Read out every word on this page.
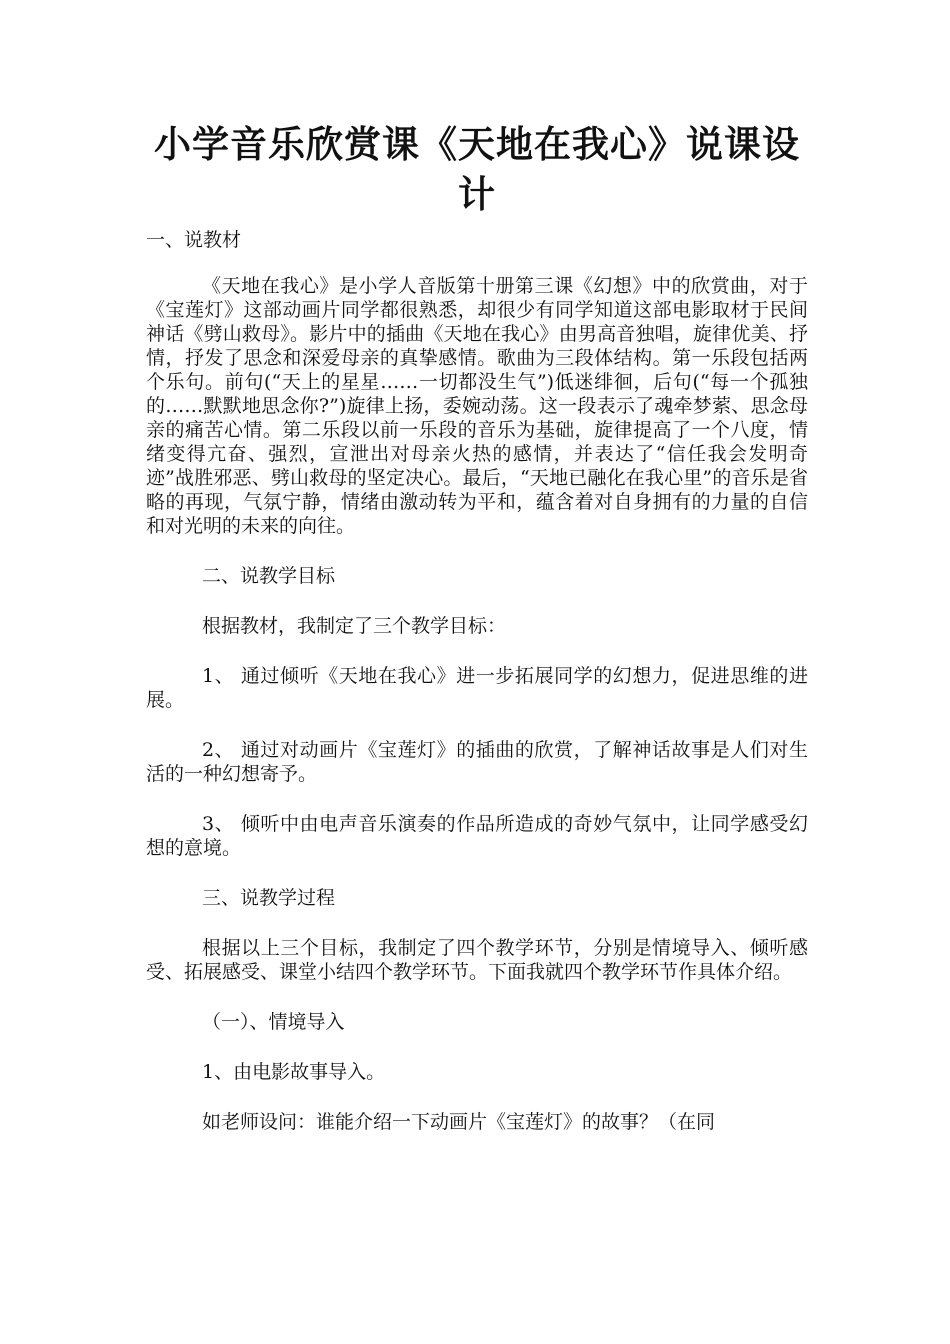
小学音乐欣赏课《天地在我心》说课设计
一、说教材

《天地在我心》是小学人音版第十册第三课《幻想》中的欣赏曲，对于《宝莲灯》这部动画片同学都很熟悉，却很少有同学知道这部电影取材于民间神话《劈山救母》。影片中的插曲《天地在我心》由男高音独唱，旋律优美、抒情，抒发了思念和深爱母亲的真挚感情。歌曲为三段体结构。第一乐段包括两个乐句。前句(“天上的星星……一切都没生气”)低迷绯徊，后句(“每一个孤独的……默默地思念你?”)旋律上扬，委婉动荡。这一段表示了魂牵梦萦、思念母亲的痛苦心情。第二乐段以前一乐段的音乐为基础，旋律提高了一个八度，情绪变得亢奋、强烈，宣泄出对母亲火热的感情，并表达了“信任我会发明奇迹”战胜邪恶、劈山救母的坚定决心。最后，“天地已融化在我心里”的音乐是省略的再现，气氛宁静，情绪由激动转为平和，蕴含着对自身拥有的力量的自信和对光明的未来的向往。

二、说教学目标

根据教材，我制定了三个教学目标：

1、 通过倾听《天地在我心》进一步拓展同学的幻想力，促进思维的进展。

2、 通过对动画片《宝莲灯》的插曲的欣赏，了解神话故事是人们对生活的一种幻想寄予。

3、 倾听中由电声音乐演奏的作品所造成的奇妙气氛中，让同学感受幻想的意境。

三、说教学过程

根据以上三个目标，我制定了四个教学环节，分别是情境导入、倾听感受、拓展感受、课堂小结四个教学环节。下面我就四个教学环节作具体介绍。

（一）、情境导入

1、由电影故事导入。

如老师设问：谁能介绍一下动画片《宝莲灯》的故事？（在同
